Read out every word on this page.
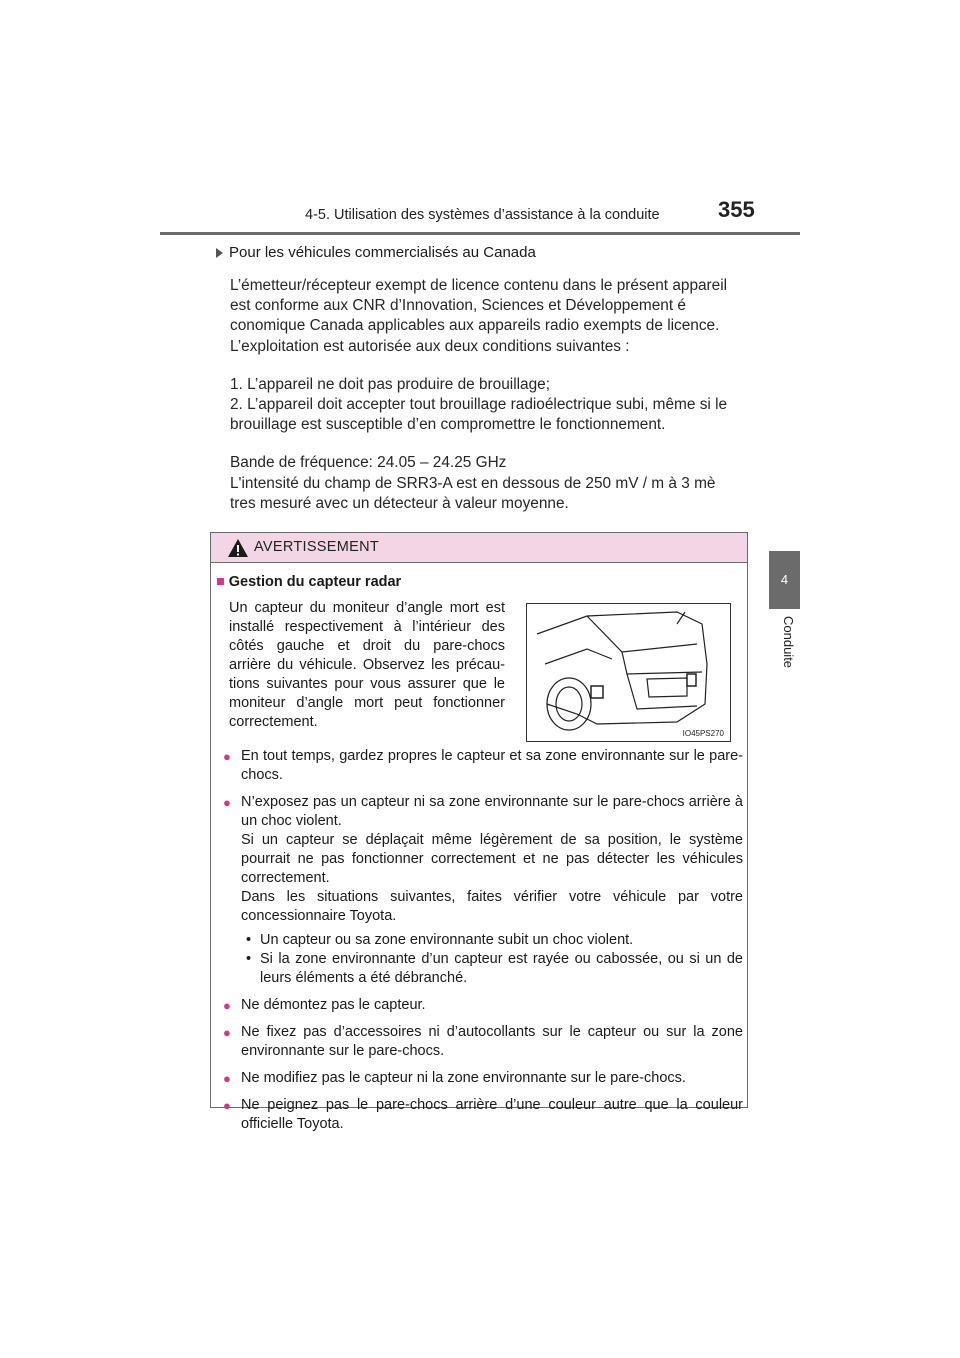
4-5. Utilisation des systèmes d’assistance à la conduite	355
4
Conduite
Pour les véhicules commercialisés au Canada

L’émetteur/récepteur exempt de licence contenu dans le présent appareil

est conforme aux CNR d’Innovation, Sciences et Développement é

conomique Canada applicables aux appareils radio exempts de licence.

L’exploitation est autorisée aux deux conditions suivantes :

1. L’appareil ne doit pas produire de brouillage;

2. L’appareil doit accepter tout brouillage radioélectrique subi, même si le

brouillage est susceptible d’en compromettre le fonctionnement.

Bande de fréquence: 24.05 – 24.25 GHz

L'intensité du champ de SRR3-A est en dessous de 250 mV / m à 3 mè

tres mesuré avec un détecteur à valeur moyenne.

AVERTISSEMENT
■ Gestion du capteur radar
Un capteur du moniteur d’angle mort est installé respectivement à l’intérieur des côtés gauche et droit du pare-chocs arrière du véhicule. Observez les précau-tions suivantes pour vous assurer que le moniteur d’angle mort peut fonctionner correctement.
IO45PS270
● En tout temps, gardez propres le capteur et sa zone environnante sur le pare-chocs.

● N’exposez pas un capteur ni sa zone environnante sur le pare-chocs arrière à un choc violent.

Si un capteur se déplaçait même légèrement de sa position, le système pourrait ne pas fonctionner correctement et ne pas détecter les véhicules correctement.

Dans les situations suivantes, faites vérifier votre véhicule par votre concessionnaire Toyota.

• Un capteur ou sa zone environnante subit un choc violent.
• Si la zone environnante d’un capteur est rayée ou cabossée, ou si un de leurs éléments a été débranché.
● Ne démontez pas le capteur.

● Ne fixez pas d’accessoires ni d’autocollants sur le capteur ou sur la zone environnante sur le pare-chocs.

● Ne modifiez pas le capteur ni la zone environnante sur le pare-chocs.

● Ne peignez pas le pare-chocs arrière d’une couleur autre que la couleur officielle Toyota.
